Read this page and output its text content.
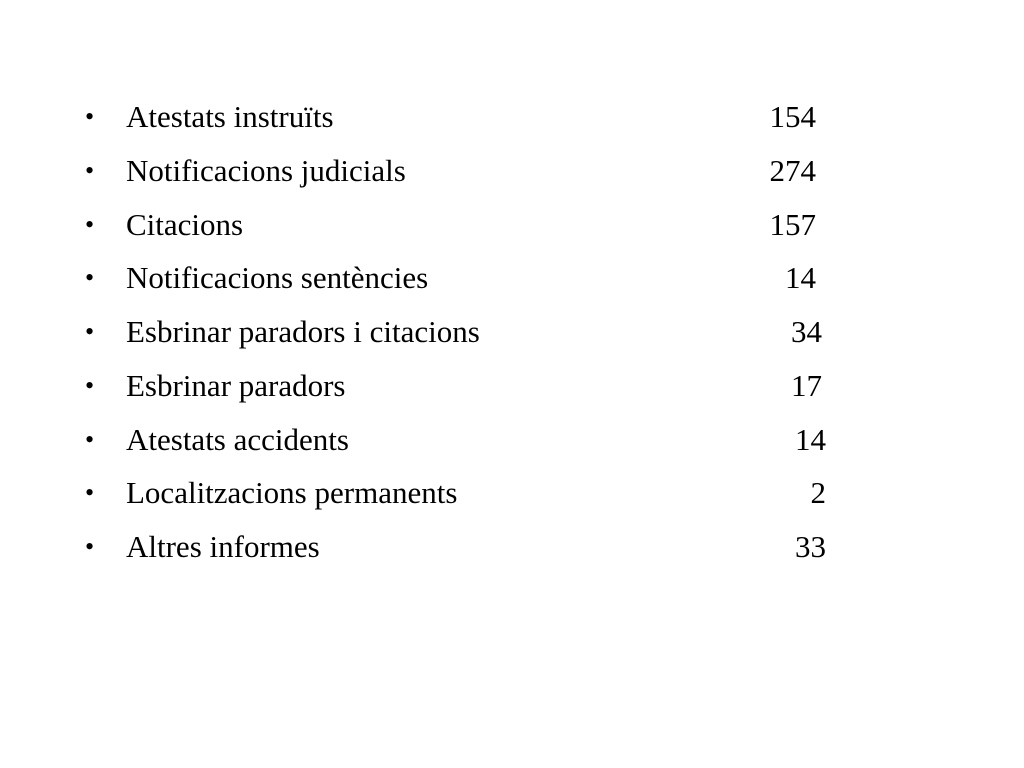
• Atestats instruïts	154
• Notificacions judicials	274
• Citacions	157
• Notificacions sentències	14
• Esbrinar paradors i citacions	34
• Esbrinar paradors	17
• Atestats accidents	14
• Localitzacions permanents	2
• Altres informes	33
